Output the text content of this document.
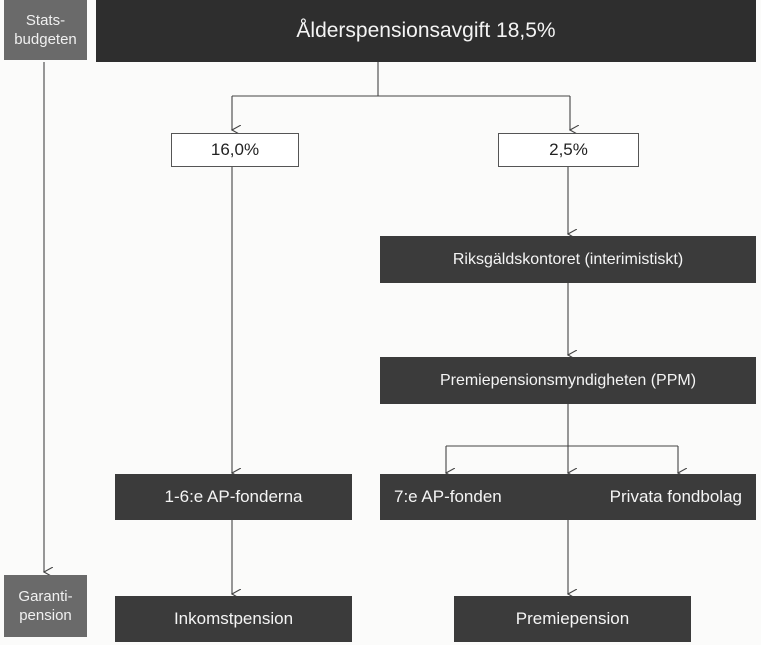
Stats-
budgeten
Garanti-
pension
Ålderspensionsavgift 18,5%
16,0%	2,5%
Riksgäldskontoret (interimistiskt)
Premiepensionsmyndigheten (PPM)
1-6:e AP-fonderna	7:e AP-fonden	Privata fondbolag
Inkomstpension	Premiepension
